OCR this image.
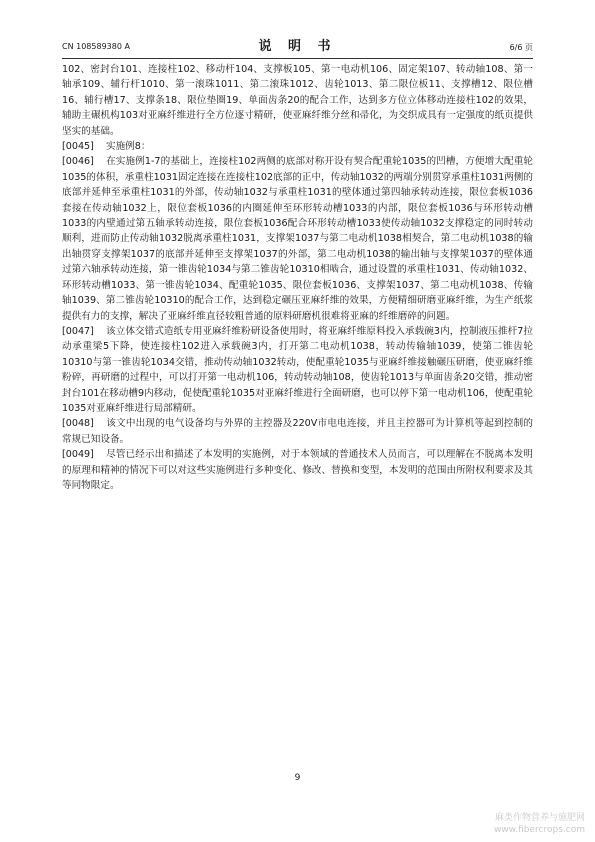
CN 108589380 A	说 明 书	6/6 页

102、密封台101、连接柱102、移动杆104、支撑板105、第一电动机106、固定架107、转动轴108、第一轴承109、辅行杆1010、第一滚珠1011、第二滚珠1012、齿轮1013、第二限位板11、支撑槽12、限位槽16、辅行槽17、支撑条18、限位垫圈19、单面齿条20的配合工作，达到多方位立体移动连接柱102的效果，辅助主碾机构103对亚麻纤维进行全方位逐寸精研，使亚麻纤维分丝和帚化，为交织成具有一定强度的纸页提供坚实的基础。

[0045] 实施例8：

[0046] 在实施例1-7的基础上，连接柱102两侧的底部对称开设有契合配重轮1035的凹槽，方便增大配重轮1035的体积，承重柱1031固定连接在连接柱102底部的正中，传动轴1032的两端分别贯穿承重柱1031两侧的底部并延伸至承重柱1031的外部，传动轴1032与承重柱1031的壁体通过第四轴承转动连接，限位套板1036套接在传动轴1032上，限位套板1036的内圈延伸至环形转动槽1033的内部，限位套板1036与环形转动槽1033的内壁通过第五轴承转动连接，限位套板1036配合环形转动槽1033使传动轴1032支撑稳定的同时转动顺利，进而防止传动轴1032脱离承重柱1031，支撑架1037与第二电动机1038相契合，第二电动机1038的输出轴贯穿支撑架1037的底部并延伸至支撑架1037的外部，第二电动机1038的输出轴与支撑架1037的壁体通过第六轴承转动连接，第一锥齿轮1034与第二锥齿轮10310相啮合，通过设置的承重柱1031、传动轴1032、环形转动槽1033、第一锥齿轮1034、配重轮1035、限位套板1036、支撑架1037、第二电动机1038、传输轴1039、第二锥齿轮10310的配合工作，达到稳定碾压亚麻纤维的效果，方便精细研磨亚麻纤维，为生产纸浆提供有力的支撑，解决了亚麻纤维直径较粗普通的原料研磨机很难将亚麻的纤维磨碎的问题。

[0047] 该立体交错式造纸专用亚麻纤维粉研设备使用时，将亚麻纤维原料投入承载碗3内，控制液压推杆7拉动承重梁5下降，使连接柱102进入承载碗3内，打开第二电动机1038，转动传输轴1039，使第二锥齿轮10310与第一锥齿轮1034交错，推动传动轴1032转动，使配重轮1035与亚麻纤维接触碾压研磨，使亚麻纤维粉碎，再研磨的过程中，可以打开第一电动机106，转动转动轴108，使齿轮1013与单面齿条20交错，推动密封台101在移动槽9内移动，促使配重轮1035对亚麻纤维进行全面研磨，也可以停下第一电动机106，使配重轮1035对亚麻纤维进行局部精研。

[0048] 该文中出现的电气设备均与外界的主控器及220V市电电连接，并且主控器可为计算机等起到控制的常规已知设备。

[0049] 尽管已经示出和描述了本发明的实施例，对于本领域的普通技术人员而言，可以理解在不脱离本发明的原理和精神的情况下可以对这些实施例进行多种变化、修改、替换和变型，本发明的范围由所附权利要求及其等同物限定。

9
麻类作物营养与施肥网
www.fibercrops.com
